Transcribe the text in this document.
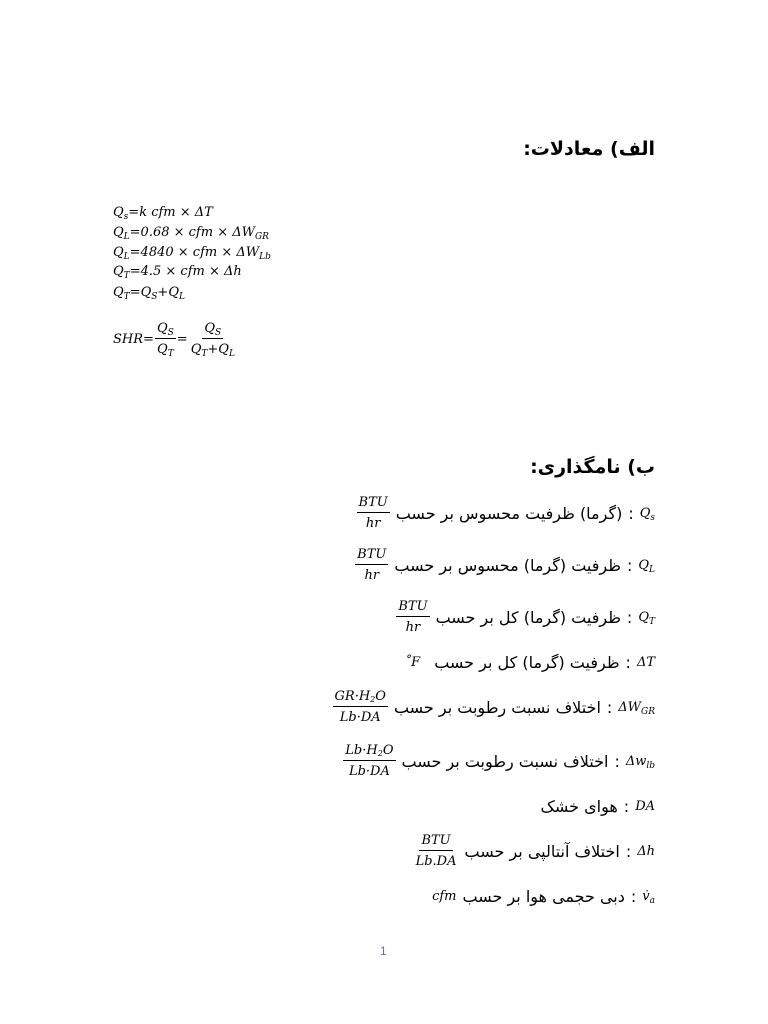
الف) معادلات:
$Q_s=k$ cfm × ΔT
$Q_L=0.68$ × cfm × $\Delta W_{GR}$
$Q_L=4840$ × cfm × $\Delta W_{Lb}$
$Q_T=4.5$ × cfm × Δh
$Q_T=Q_S+Q_L$
$SHR= \frac{Q_S}{Q_T} = \frac{Q_S}{Q_T+Q_L}$
ب) نامگذاری:
$Q_s$
:
(گرما) ظرفیت محسوس بر حسب
$\frac{\text{BTU}}{hr}$
$Q_L$
:
ظرفیت (گرما) محسوس بر حسب
$\frac{\text{BTU}}{hr}$
$Q_T$
:
ظرفیت (گرما) کل بر حسب
$\frac{\text{BTU}}{hr}$
ΔT
:
ظرفیت (گرما) کل بر حسب
˚F
$\Delta W_{GR}$
:
اختلاف نسبت رطوبت بر حسب
$\frac{GR\cdot H_2O}{Lb\cdot DA}$
$\Delta w_{lb}$
:
اختلاف نسبت رطوبت بر حسب
$\frac{Lb\cdot H_2O}{Lb\cdot DA}$
DA
:
هوای خشک
Δh
:
اختلاف آنتالپی بر حسب
$\frac{\text{BTU}}{Lb.DA}$
$v̇_a$
:
دبی حجمی هوا بر حسب
cfm
1
